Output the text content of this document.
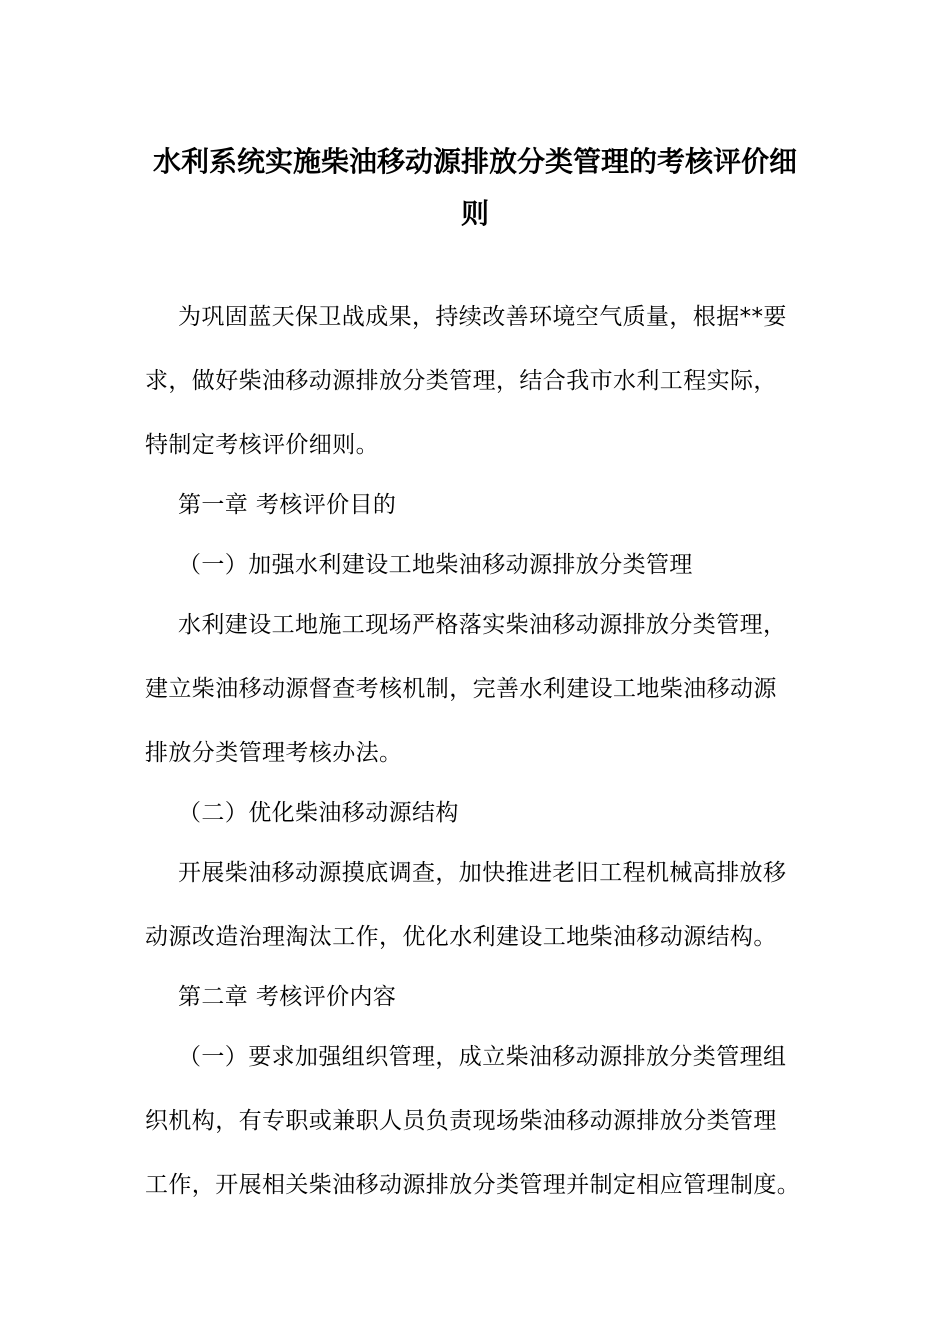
水利系统实施柴油移动源排放分类管理的考核评价细
则

为巩固蓝天保卫战成果，持续改善环境空气质量，根据**要

求，做好柴油移动源排放分类管理，结合我市水利工程实际，

特制定考核评价细则。

第一章 考核评价目的

（一）加强水利建设工地柴油移动源排放分类管理

水利建设工地施工现场严格落实柴油移动源排放分类管理，

建立柴油移动源督查考核机制，完善水利建设工地柴油移动源

排放分类管理考核办法。

（二）优化柴油移动源结构

开展柴油移动源摸底调查，加快推进老旧工程机械高排放移

动源改造治理淘汰工作，优化水利建设工地柴油移动源结构。

第二章 考核评价内容

（一）要求加强组织管理，成立柴油移动源排放分类管理组

织机构，有专职或兼职人员负责现场柴油移动源排放分类管理

工作，开展相关柴油移动源排放分类管理并制定相应管理制度。
